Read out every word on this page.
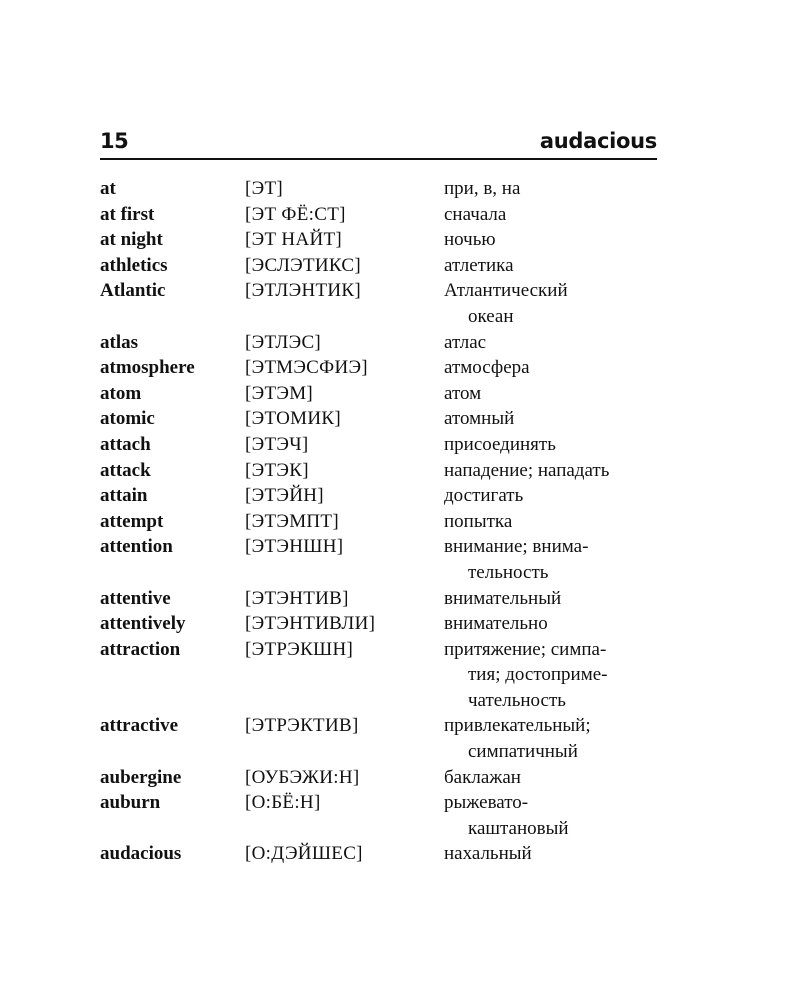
15	audacious
at	[ЭТ]	при, в, на
at first	[ЭТ ФЁ:СТ]	сначала
at night	[ЭТ НАЙТ]	ночью
athletics	[ЭСЛЭТИКС]	атлетика
Atlantic	[ЭТЛЭНТИК]	Атлантический
океан
atlas	[ЭТЛЭС]	атлас
atmosphere	[ЭТМЭСФИЭ]	атмосфера
atom	[ЭТЭМ]	атом
atomic	[ЭТОМИК]	атомный
attach	[ЭТЭЧ]	присоединять
attack	[ЭТЭК]	нападение; нападать
attain	[ЭТЭЙН]	достигать
attempt	[ЭТЭМПТ]	попытка
attention	[ЭТЭНШН]	внимание; внима-
тельность
attentive	[ЭТЭНТИВ]	внимательный
attentively	[ЭТЭНТИВЛИ]	внимательно
attraction	[ЭТРЭКШН]	притяжение; симпа-
тия; достоприме-
чательность
attractive	[ЭТРЭКТИВ]	привлекательный;
симпатичный
aubergine	[ОУБЭЖИ:Н]	баклажан
auburn	[О:БЁ:Н]	рыжевато-
каштановый
audacious	[О:ДЭЙШЕС]	нахальный
